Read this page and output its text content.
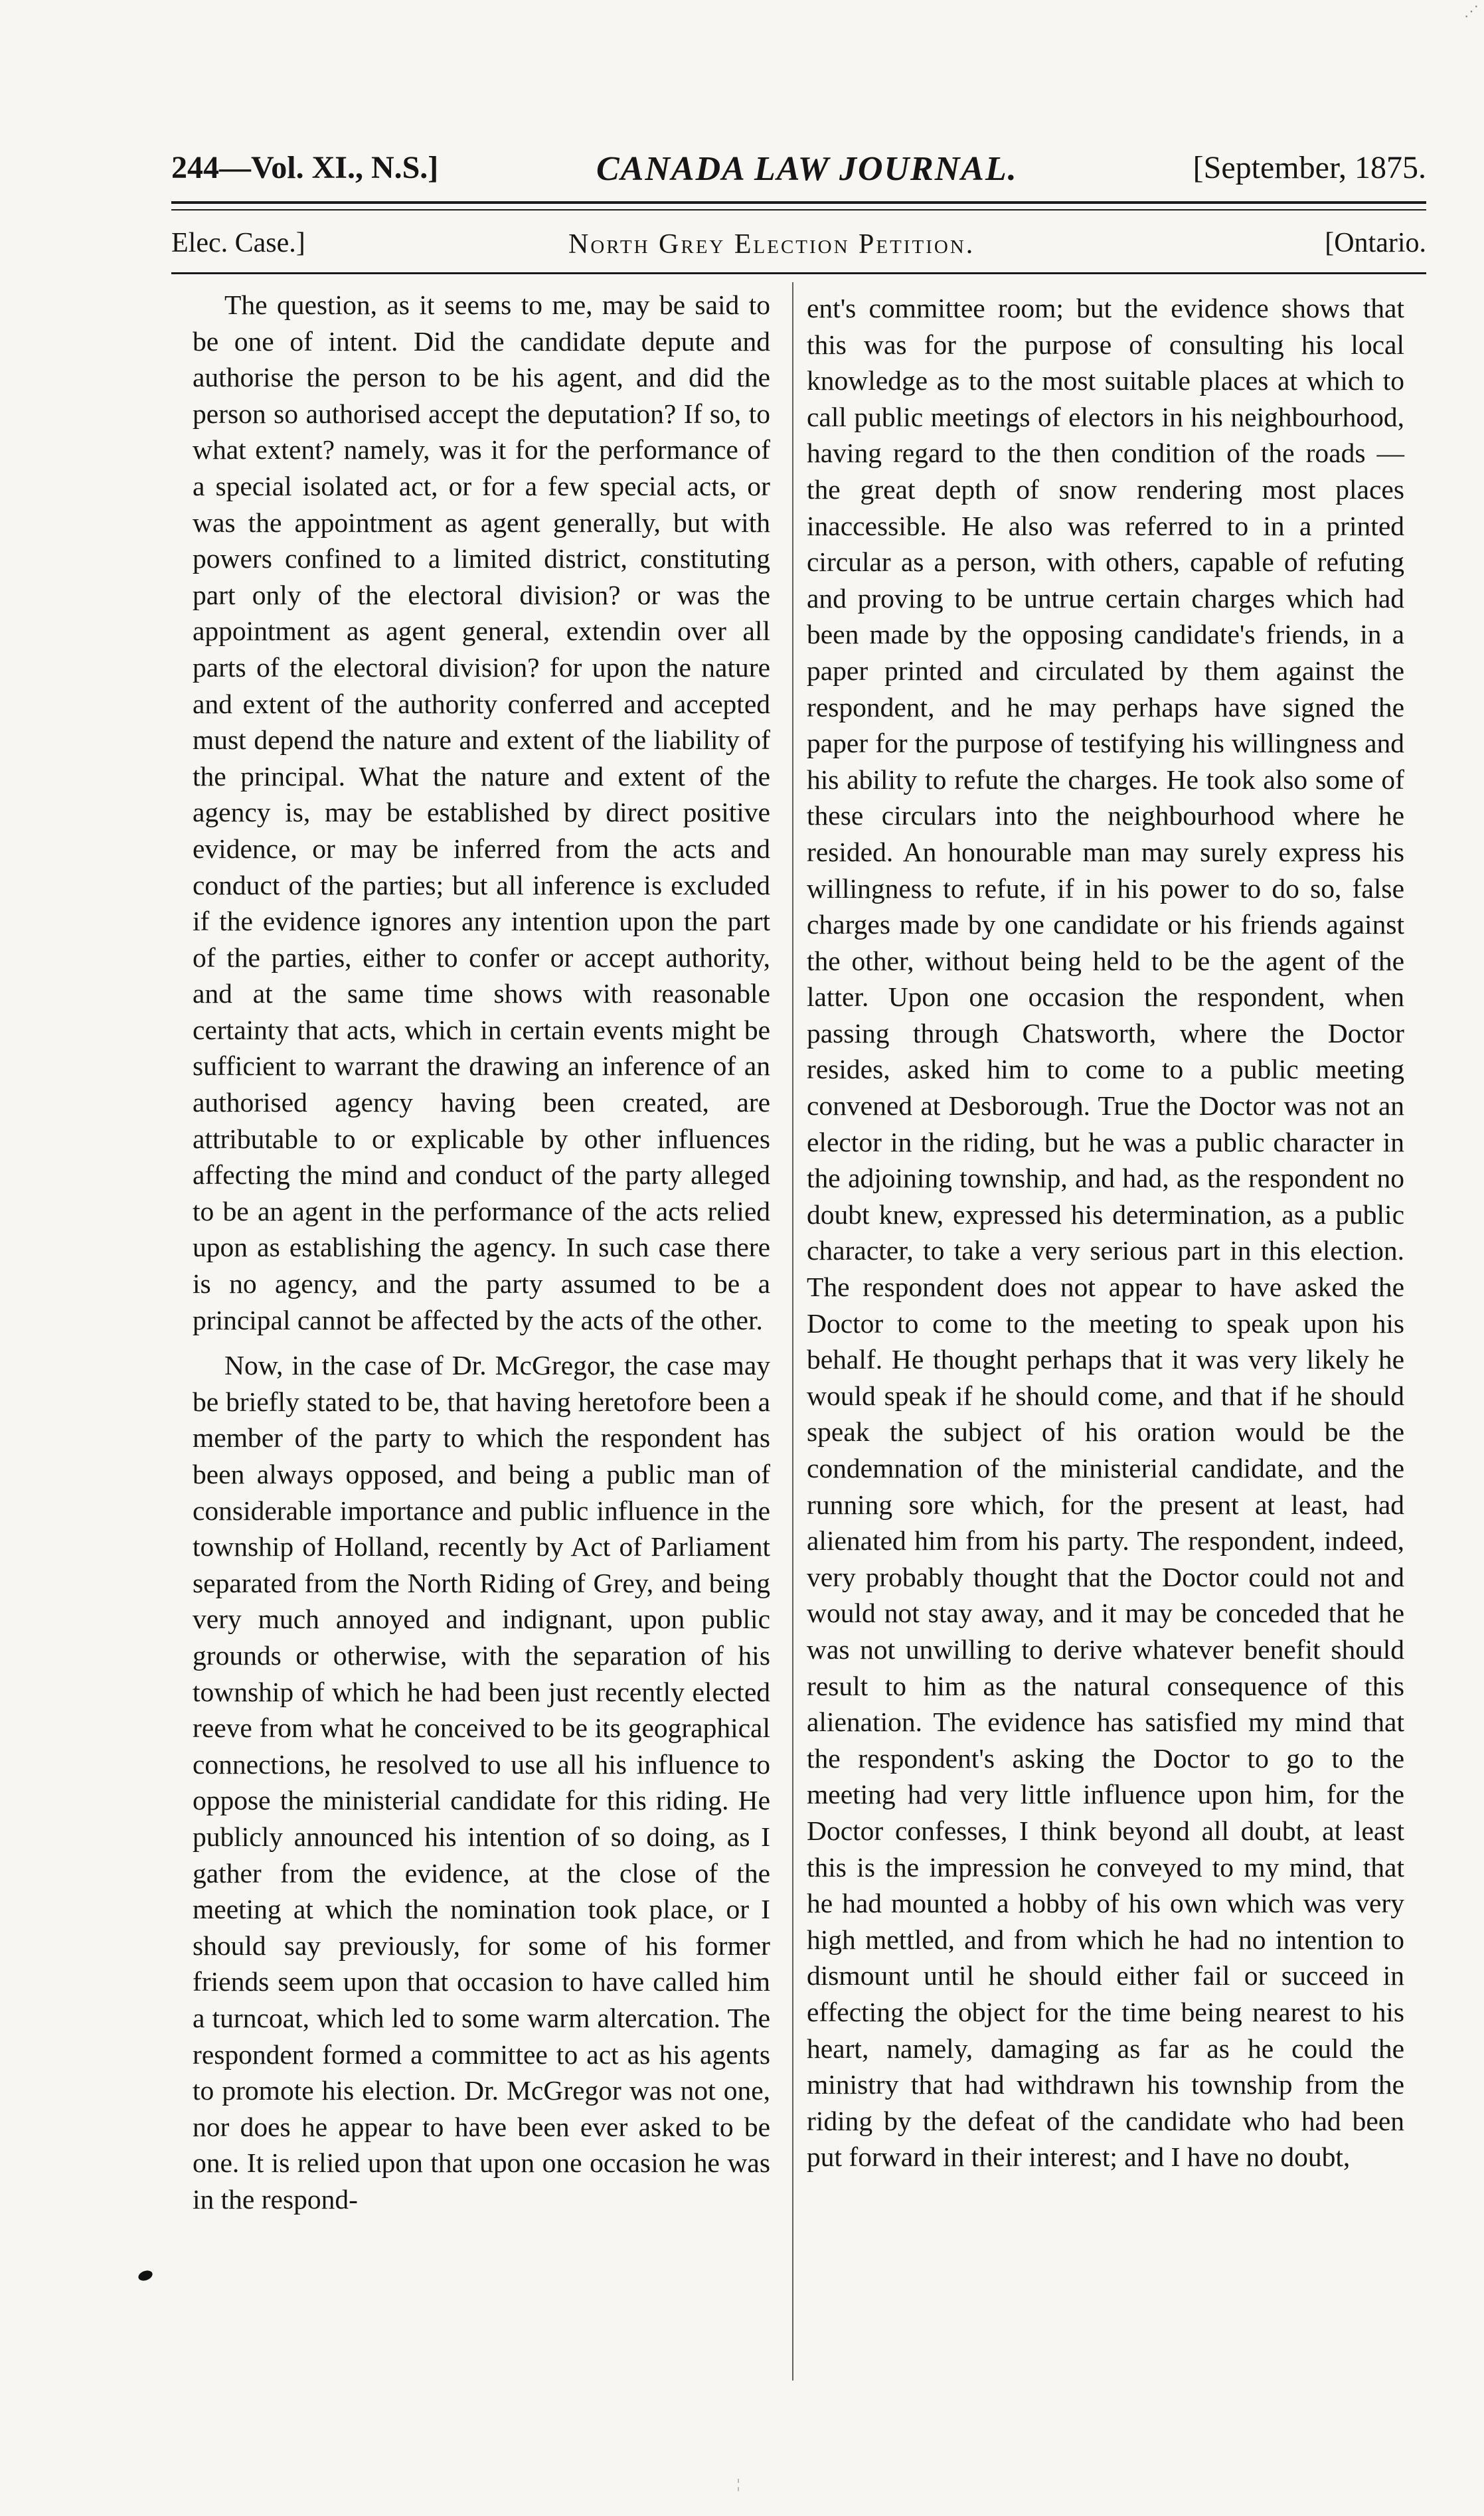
⋰
244—Vol. XI., N.S.]	CANADA LAW JOURNAL.	[September, 1875.
Elec. Case.]	North Grey Election Petition.	[Ontario.

The question, as it seems to me, may be said to be one of intent. Did the candidate depute and authorise the person to be his agent, and did the person so authorised accept the deputation? If so, to what extent? namely, was it for the performance of a special isolated act, or for a few special acts, or was the appointment as agent generally, but with powers confined to a limited district, constituting part only of the electoral division? or was the appointment as agent general, extendin over all parts of the electoral division? for upon the nature and extent of the authority conferred and accepted must depend the nature and extent of the liability of the principal. What the nature and extent of the agency is, may be established by direct positive evidence, or may be inferred from the acts and conduct of the parties; but all inference is excluded if the evidence ignores any intention upon the part of the parties, either to confer or accept authority, and at the same time shows with reasonable certainty that acts, which in certain events might be sufficient to warrant the drawing an inference of an authorised agency having been created, are attributable to or explicable by other influences affecting the mind and conduct of the party alleged to be an agent in the performance of the acts relied upon as establishing the agency. In such case there is no agency, and the party assumed to be a principal cannot be affected by the acts of the other.

Now, in the case of Dr. McGregor, the case may be briefly stated to be, that having heretofore been a member of the party to which the respondent has been always opposed, and being a public man of considerable importance and public influence in the township of Holland, recently by Act of Parliament separated from the North Riding of Grey, and being very much annoyed and indignant, upon public grounds or otherwise, with the separation of his township of which he had been just recently elected reeve from what he conceived to be its geographical connections, he resolved to use all his influence to oppose the ministerial candidate for this riding. He publicly announced his intention of so doing, as I gather from the evidence, at the close of the meeting at which the nomination took place, or I should say previously, for some of his former friends seem upon that occasion to have called him a turncoat, which led to some warm altercation. The respondent formed a committee to act as his agents to promote his election. Dr. McGregor was not one, nor does he appear to have been ever asked to be one. It is relied upon that upon one occasion he was in the respond-

ent's committee room; but the evidence shows that this was for the purpose of consulting his local knowledge as to the most suitable places at which to call public meetings of electors in his neighbourhood, having regard to the then condition of the roads — the great depth of snow rendering most places inaccessible. He also was referred to in a printed circular as a person, with others, capable of refuting and proving to be untrue certain charges which had been made by the opposing candidate's friends, in a paper printed and circulated by them against the respondent, and he may perhaps have signed the paper for the purpose of testifying his willingness and his ability to refute the charges. He took also some of these circulars into the neighbourhood where he resided. An honourable man may surely express his willingness to refute, if in his power to do so, false charges made by one candidate or his friends against the other, without being held to be the agent of the latter. Upon one occasion the respondent, when passing through Chatsworth, where the Doctor resides, asked him to come to a public meeting convened at Desborough. True the Doctor was not an elector in the riding, but he was a public character in the adjoining township, and had, as the respondent no doubt knew, expressed his determination, as a public character, to take a very serious part in this election. The respondent does not appear to have asked the Doctor to come to the meeting to speak upon his behalf. He thought perhaps that it was very likely he would speak if he should come, and that if he should speak the subject of his oration would be the condemnation of the ministerial candidate, and the running sore which, for the present at least, had alienated him from his party. The respondent, indeed, very probably thought that the Doctor could not and would not stay away, and it may be conceded that he was not unwilling to derive whatever benefit should result to him as the natural consequence of this alienation. The evidence has satisfied my mind that the respondent's asking the Doctor to go to the meeting had very little influence upon him, for the Doctor confesses, I think beyond all doubt, at least this is the impression he conveyed to my mind, that he had mounted a hobby of his own which was very high mettled, and from which he had no intention to dismount until he should either fail or succeed in effecting the object for the time being nearest to his heart, namely, damaging as far as he could the ministry that had withdrawn his township from the riding by the defeat of the candidate who had been put forward in their interest; and I have no doubt,

¦
